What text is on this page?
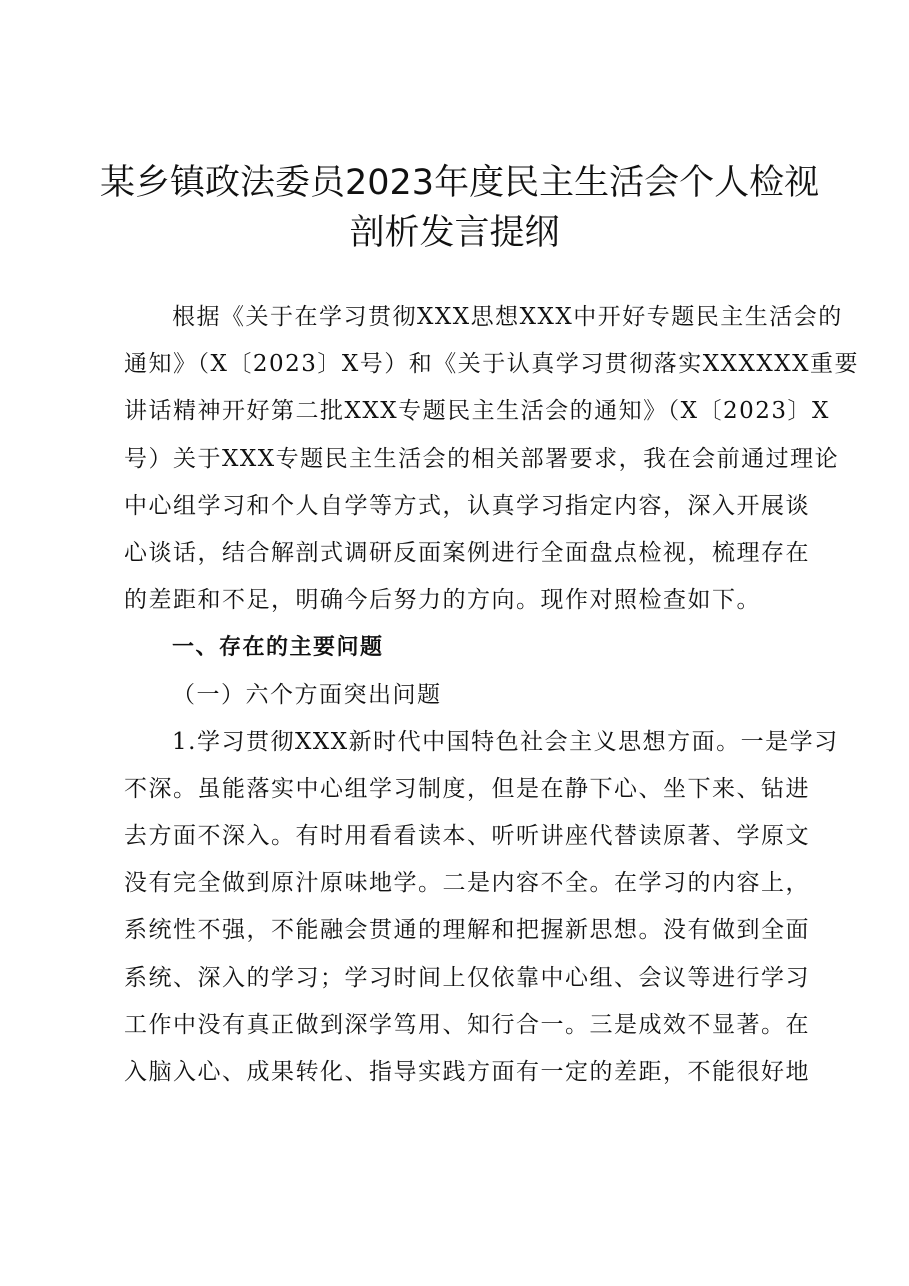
某乡镇政法委员2023年度民主生活会个人检视
剖析发言提纲
根据《关于在学习贯彻XXX思想XXX中开好专题民主生活会的
通知》（X〔2023〕X号）和《关于认真学习贯彻落实XXXXXX重要
讲话精神开好第二批XXX专题民主生活会的通知》（X〔2023〕X
号）关于XXX专题民主生活会的相关部署要求，我在会前通过理论
中心组学习和个人自学等方式，认真学习指定内容，深入开展谈
心谈话，结合解剖式调研反面案例进行全面盘点检视，梳理存在
的差距和不足，明确今后努力的方向。现作对照检查如下。
一、存在的主要问题
（一）六个方面突出问题
1.学习贯彻XXX新时代中国特色社会主义思想方面。一是学习
不深。虽能落实中心组学习制度，但是在静下心、坐下来、钻进
去方面不深入。有时用看看读本、听听讲座代替读原著、学原文
没有完全做到原汁原味地学。二是内容不全。在学习的内容上，
系统性不强，不能融会贯通的理解和把握新思想。没有做到全面
系统、深入的学习；学习时间上仅依靠中心组、会议等进行学习
工作中没有真正做到深学笃用、知行合一。三是成效不显著。在
入脑入心、成果转化、指导实践方面有一定的差距，不能很好地
